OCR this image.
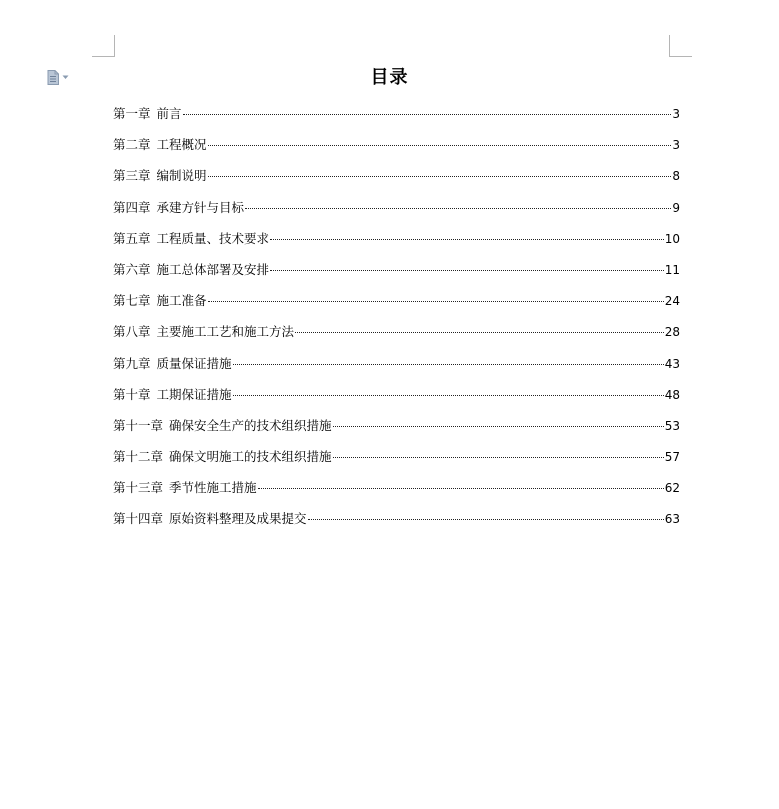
目录
第一章 前言	3
第二章 工程概况	3
第三章 编制说明	8
第四章 承建方针与目标	9
第五章 工程质量、技术要求	10
第六章 施工总体部署及安排	11
第七章 施工准备	24
第八章 主要施工工艺和施工方法	28
第九章 质量保证措施	43
第十章 工期保证措施	48
第十一章 确保安全生产的技术组织措施	53
第十二章 确保文明施工的技术组织措施	57
第十三章 季节性施工措施	62
第十四章 原始资料整理及成果提交	63
